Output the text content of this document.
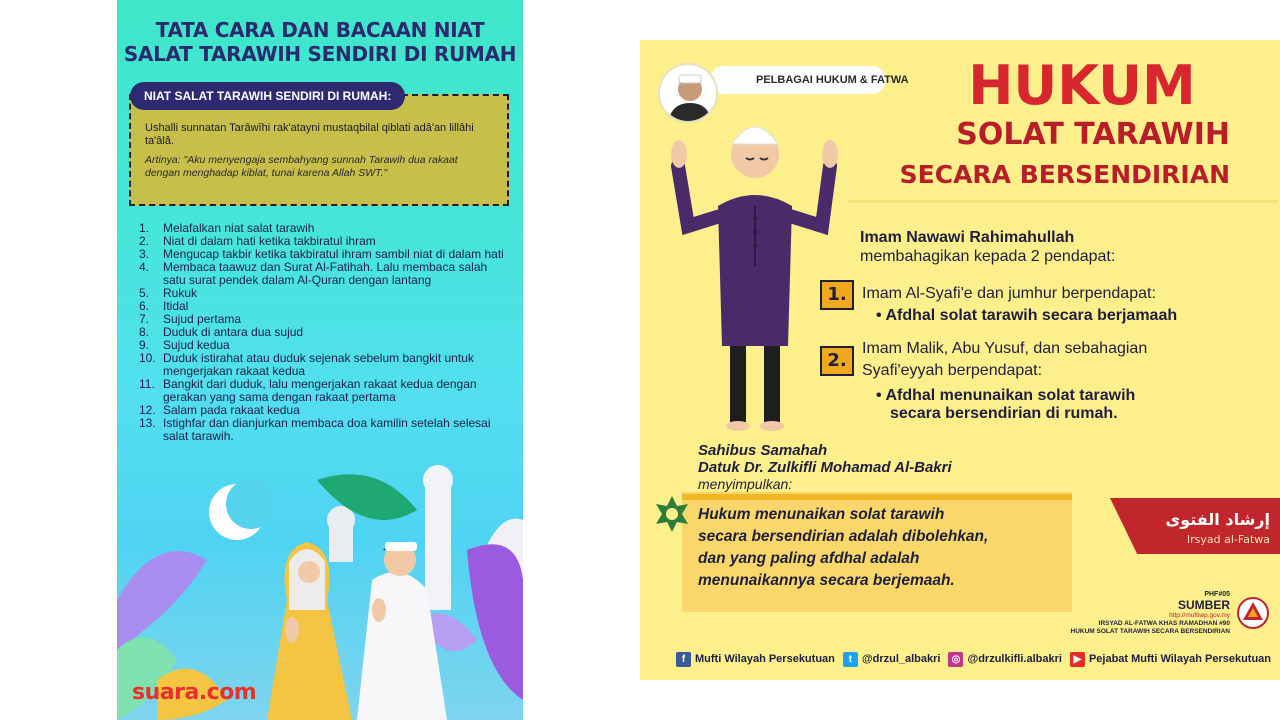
TATA CARA DAN BACAAN NIAT
SALAT TARAWIH SENDIRI DI RUMAH
NIAT SALAT TARAWIH SENDIRI DI RUMAH:
Ushalli sunnatan Tarâwîhi rak'atayni mustaqbilal qiblati adâ'an lillâhi ta'âlâ.
Artinya: "Aku menyengaja sembahyang sunnah Tarawih dua rakaat dengan menghadap kiblat, tunai karena Allah SWT."
1.	Melafalkan niat salat tarawih
2.	Niat di dalam hati ketika takbiratul ihram
3.	Mengucap takbir ketika takbiratul ihram sambil niat di dalam hati
4.	Membaca taawuz dan Surat Al-Fatihah. Lalu membaca salah satu surat pendek dalam Al-Quran dengan lantang
5.	Rukuk
6.	Itidal
7.	Sujud pertama
8.	Duduk di antara dua sujud
9.	Sujud kedua
10. Duduk istirahat atau duduk sejenak sebelum bangkit untuk mengerjakan rakaat kedua
11. Bangkit dari duduk, lalu mengerjakan rakaat kedua dengan gerakan yang sama dengan rakaat pertama
12. Salam pada rakaat kedua
13. Istighfar dan dianjurkan membaca doa kamilin setelah selesai salat tarawih.
suara.com
PELBAGAI HUKUM & FATWA	HUKUM
SOLAT TARAWIH
SECARA BERSENDIRIAN
Imam Nawawi Rahimahullah
membahagikan kepada 2 pendapat:
1. Imam Al-Syafi'e dan jumhur berpendapat:
• Afdhal solat tarawih secara berjamaah
2.
Imam Malik, Abu Yusuf, dan sebahagian
Syafi'eyyah berpendapat:
• Afdhal menunaikan solat tarawih
secara bersendirian di rumah.
Sahibus Samahah
Datuk Dr. Zulkifli Mohamad Al-Bakri
menyimpulkan:
Hukum menunaikan solat tarawih
secara bersendirian adalah dibolehkan,
dan yang paling afdhal adalah
menunaikannya secara berjemaah.
إرشاد الفتوى
Irsyad al-Fatwa
PHF#05
SUMBER
http://muftiwp.gov.my
IRSYAD AL-FATWA KHAS RAMADHAN #90
HUKUM SOLAT TARAWIH SECARA BERSENDIRIAN
f Mufti Wilayah Persekutuan	t @drzul_albakri	◎ @drzulkifli.albakri	▶ Pejabat Mufti Wilayah Persekutuan
